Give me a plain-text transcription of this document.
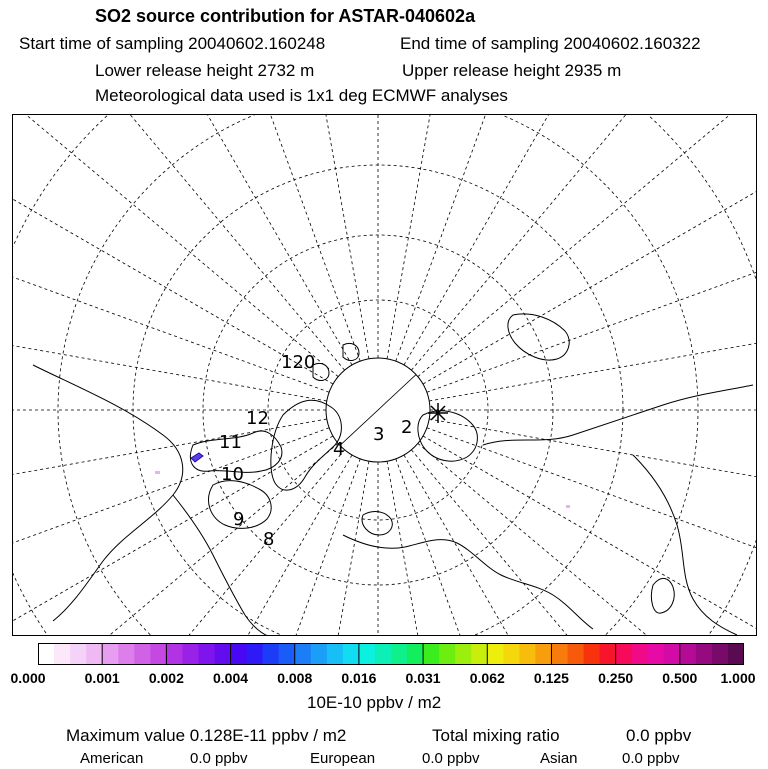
SO2 source contribution for ASTAR-040602a
Start time of sampling 20040602.160248	End time of sampling 20040602.160322
Lower release height 2732 m	Upper release height 2935 m
Meteorological data used is 1x1 deg ECMWF analyses
120
12
11
10
9
8
4
3 2
0.000	0.001 0.002 0.004 0.008 0.016 0.031 0.062 0.125 0.250 0.500 1.000
10E-10 ppbv / m2
Maximum value 0.128E-11 ppbv / m2	Total mixing ratio	0.0 ppbv
American	0.0 ppbv	European	0.0 ppbv	Asian	0.0 ppbv
